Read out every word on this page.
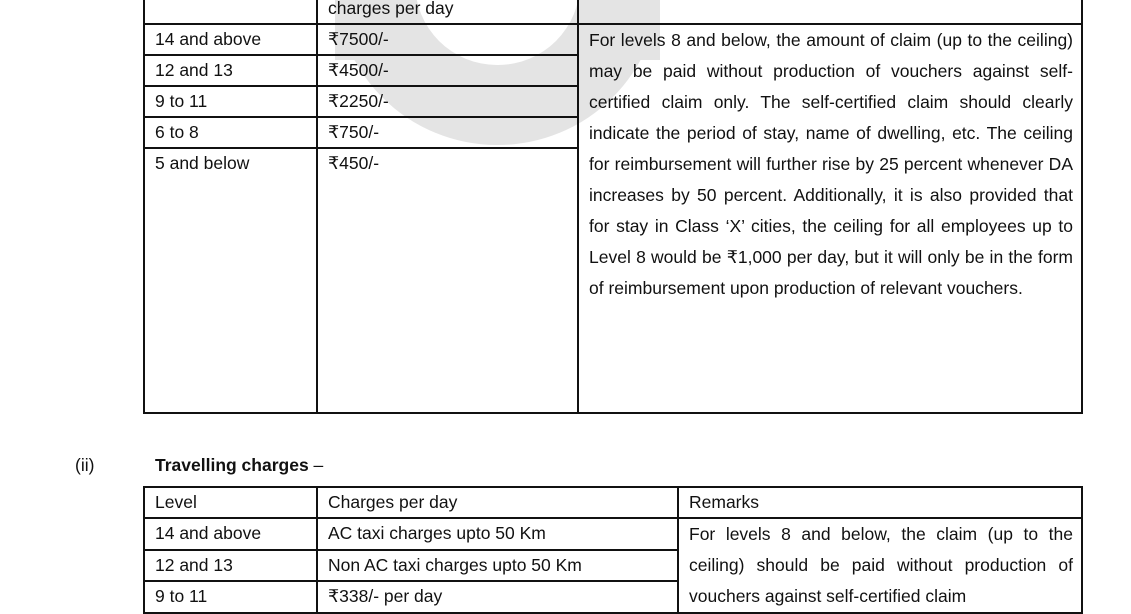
	charges per day	
14 and above	₹7500/-	For levels 8 and below, the amount of claim (up to the ceiling) may be paid without production of vouchers against self-certified claim only. The self-certified claim should clearly indicate the period of stay, name of dwelling, etc. The ceiling for reimbursement will further rise by 25 percent whenever DA increases by 50 percent. Additionally, it is also provided that for stay in Class ‘X’ cities, the ceiling for all employees up to Level 8 would be ₹1,000 per day, but it will only be in the form of reimbursement upon production of relevant vouchers.
12 and 13	₹4500/-	
9 to 11	₹2250/-	
6 to 8	₹750/-	
5 and below	₹450/-	
(ii)	Travelling charges –
Level	Charges per day	Remarks
14 and above	AC taxi charges upto 50 Km	For levels 8 and below, the claim (up to the ceiling) should be paid without production of vouchers against self-certified claim
12 and 13	Non AC taxi charges upto 50 Km	
9 to 11	₹338/- per day	
